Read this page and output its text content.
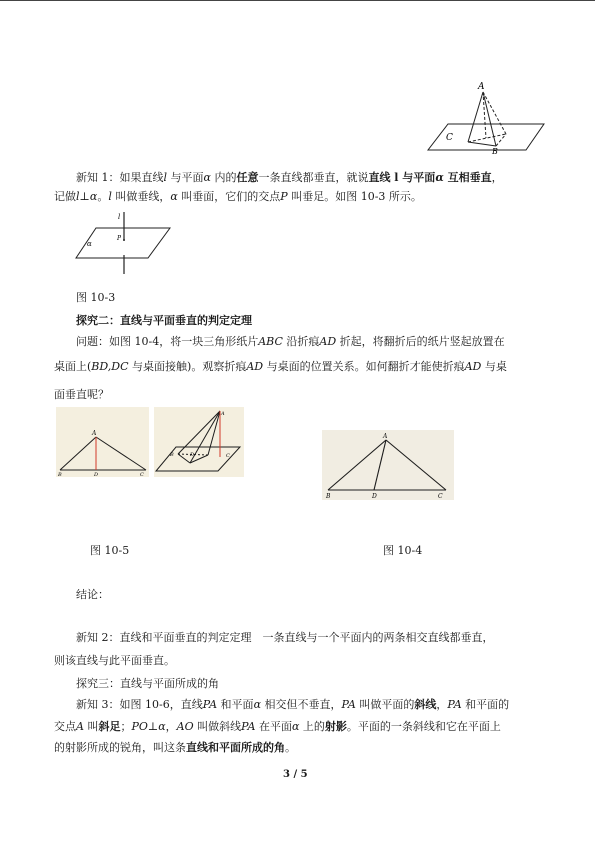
A
C
B
新知 1：如果直线l 与平面α 内的任意一条直线都垂直，就说直线 l 与平面α 互相垂直，
记做l⊥α。l 叫做垂线，α 叫垂面，它们的交点P 叫垂足。如图 10-3 所示。
l
P
α
图 10-3
探究二：直线与平面垂直的判定定理
问题：如图 10-4，将一块三角形纸片ABC 沿折痕AD 折起，将翻折后的纸片竖起放置在
桌面上(BD,DC 与桌面接触)。观察折痕AD 与桌面的位置关系。如何翻折才能使折痕AD 与桌
面垂直呢？
A
B	D	C
A
B	D	C
A
B	D	C
图 10-5	图 10-4
结论：
新知 2：直线和平面垂直的判定定理　一条直线与一个平面内的两条相交直线都垂直，
则该直线与此平面垂直。
探究三：直线与平面所成的角
新知 3：如图 10-6，直线PA 和平面α 相交但不垂直，PA 叫做平面的斜线，PA 和平面的
交点A 叫斜足；PO⊥α，AO 叫做斜线PA 在平面α 上的射影。平面的一条斜线和它在平面上
的射影所成的锐角，叫这条直线和平面所成的角。
3 / 5
